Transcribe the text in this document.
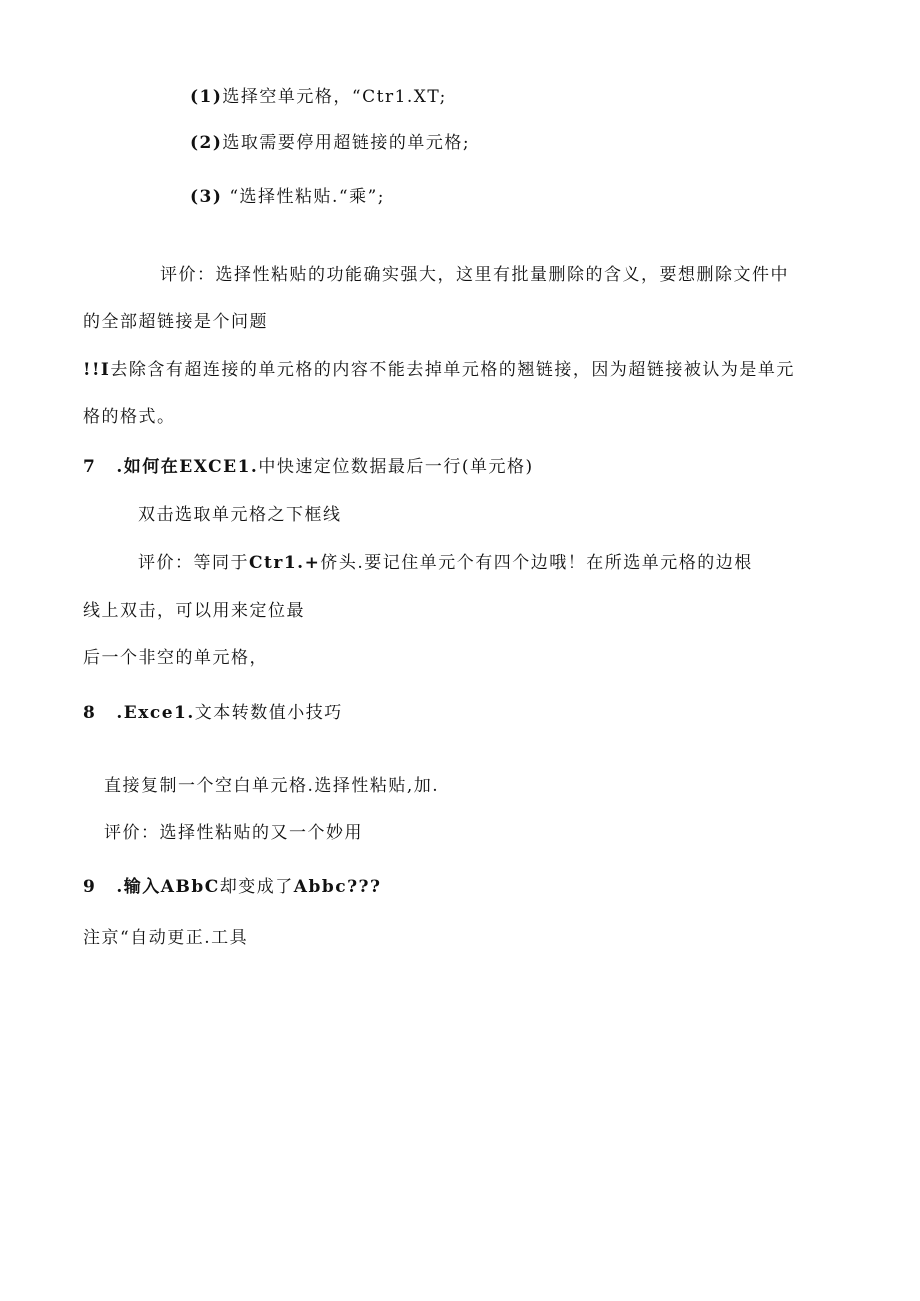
(1)选择空单元格，“Ctr1.XT;
(2)选取需要停用超链接的单元格;
(3) “选择性粘贴.“乘”;
评价：选择性粘贴的功能确实强大，这里有批量删除的含义，要想删除文件中
的全部超链接是个问题
!!I去除含有超连接的单元格的内容不能去掉单元格的翘链接，因为超链接被认为是单元
格的格式。
7 .如何在EXCE1.中快速定位数据最后一行(单元格)
双击选取单元格之下框线
评价：等同于Ctr1.+侪头.要记住单元个有四个边哦！在所选单元格的边根
线上双击，可以用来定位最
后一个非空的单元格，
8 .Exce1.文本转数值小技巧
直接复制一个空白单元格.选择性粘贴,加.
评价：选择性粘贴的又一个妙用
9 .输入ABbC却变成了Abbc???
注京“自动更正.工具
